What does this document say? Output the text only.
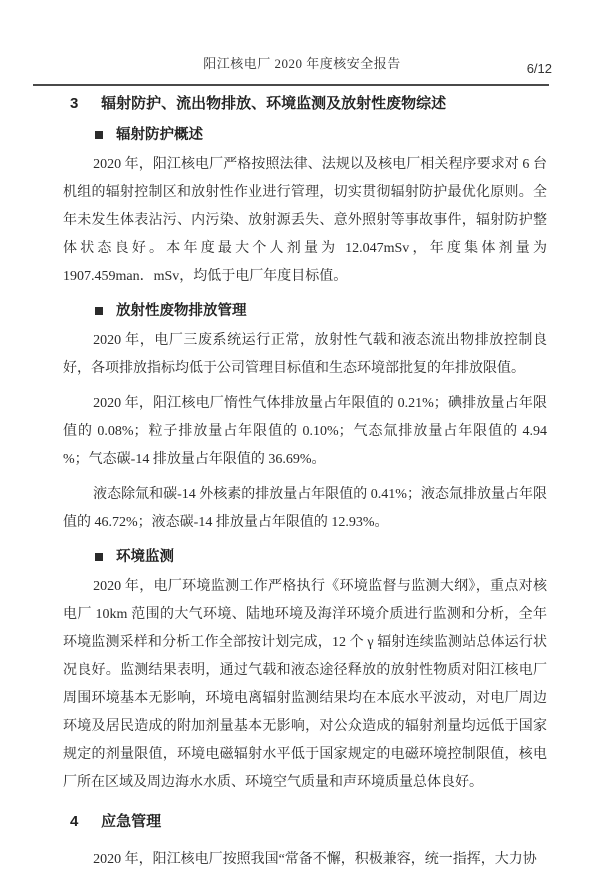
阳江核电厂 2020 年度核安全报告	6/12
3 辐射防护、流出物排放、环境监测及放射性废物综述
辐射防护概述

2020 年，阳江核电厂严格按照法律、法规以及核电厂相关程序要求对 6 台机组的辐射控制区和放射性作业进行管理，切实贯彻辐射防护最优化原则。全年未发生体表沾污、内污染、放射源丢失、意外照射等事故事件，辐射防护整体状态良好。本年度最大个人剂量为 12.047mSv，年度集体剂量为 1907.459man．mSv，均低于电厂年度目标值。

放射性废物排放管理

2020 年，电厂三废系统运行正常，放射性气载和液态流出物排放控制良好，各项排放指标均低于公司管理目标值和生态环境部批复的年排放限值。

2020 年，阳江核电厂惰性气体排放量占年限值的 0.21%；碘排放量占年限值的 0.08%；粒子排放量占年限值的 0.10%；气态氚排放量占年限值的 4.94 %；气态碳-14 排放量占年限值的 36.69%。

液态除氚和碳-14 外核素的排放量占年限值的 0.41%；液态氚排放量占年限值的 46.72%；液态碳-14 排放量占年限值的 12.93%。

环境监测

2020 年，电厂环境监测工作严格执行《环境监督与监测大纲》，重点对核电厂 10km 范围的大气环境、陆地环境及海洋环境介质进行监测和分析，全年环境监测采样和分析工作全部按计划完成，12 个 γ 辐射连续监测站总体运行状况良好。监测结果表明，通过气载和液态途径释放的放射性物质对阳江核电厂周围环境基本无影响，环境电离辐射监测结果均在本底水平波动，对电厂周边环境及居民造成的附加剂量基本无影响，对公众造成的辐射剂量均远低于国家规定的剂量限值，环境电磁辐射水平低于国家规定的电磁环境控制限值，核电厂所在区域及周边海水水质、环境空气质量和声环境质量总体良好。

4 应急管理

2020 年，阳江核电厂按照我国“常备不懈，积极兼容，统一指挥，大力协
